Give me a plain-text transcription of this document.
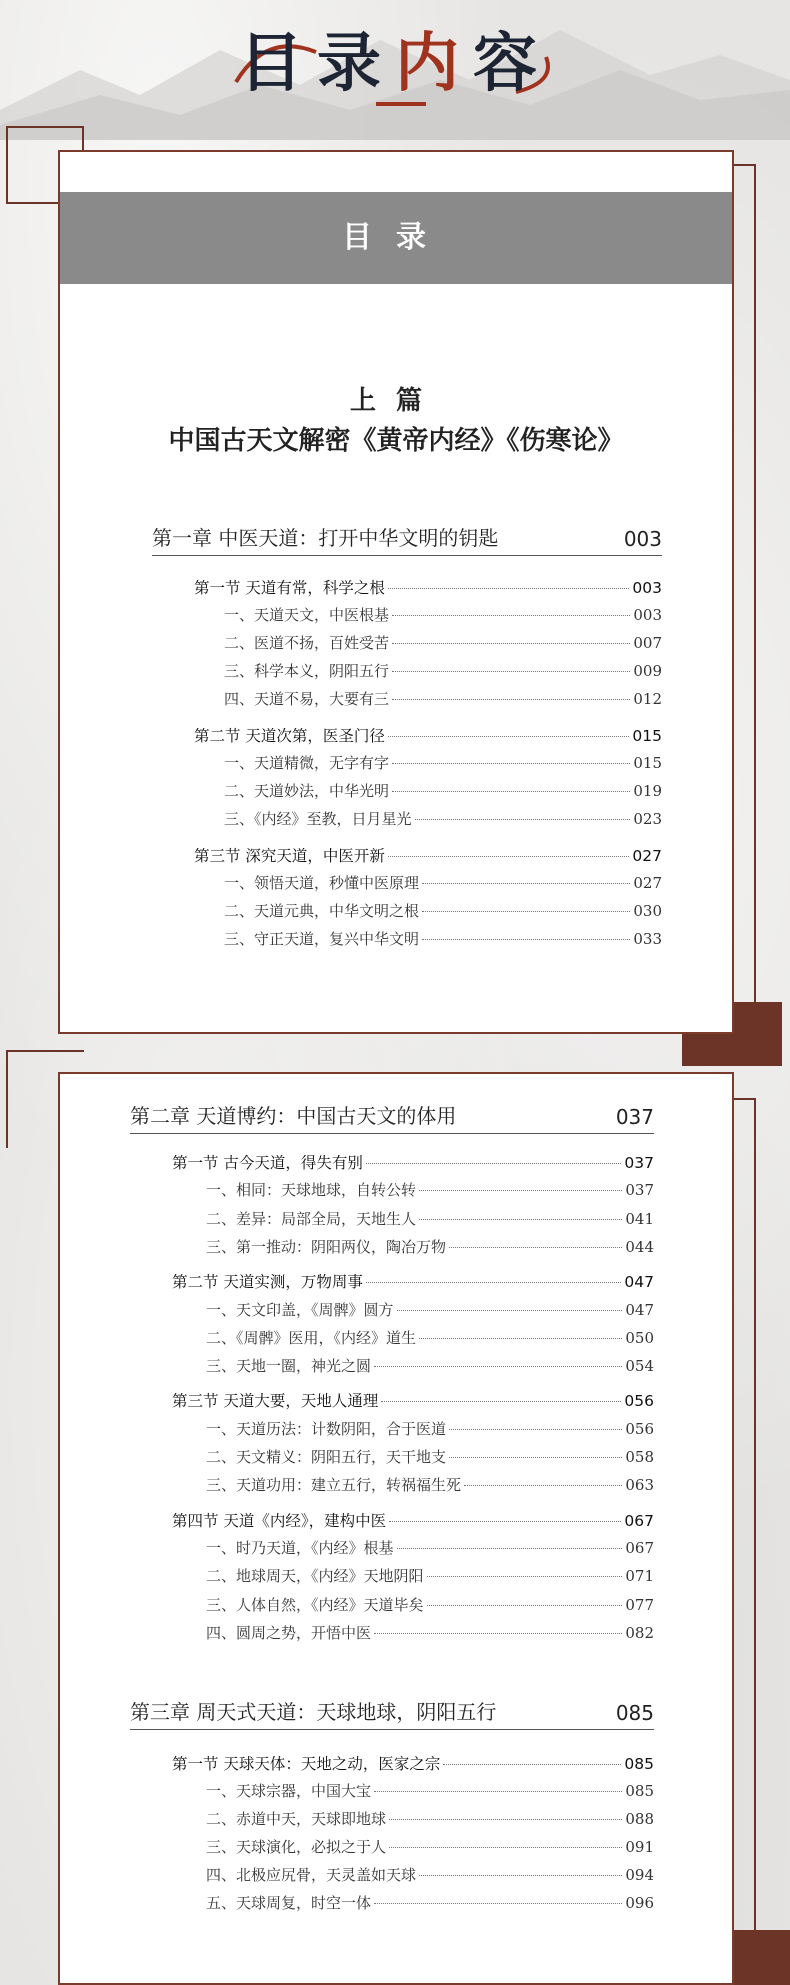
目录内容
目录
上篇
中国古天文解密《黄帝内经》《伤寒论》
第一章 中医天道：打开中华文明的钥匙	003
第一节 天道有常，科学之根	003
一、天道天文，中医根基	003
二、医道不扬，百姓受苦	007
三、科学本义，阴阳五行	009
四、天道不易，大要有三	012
第二节 天道次第，医圣门径	015
一、天道精微，无字有字	015
二、天道妙法，中华光明	019
三、《内经》至教，日月星光	023
第三节 深究天道，中医开新	027
一、领悟天道，秒懂中医原理	027
二、天道元典，中华文明之根	030
三、守正天道，复兴中华文明	033
第二章 天道博约：中国古天文的体用	037
第一节 古今天道，得失有别	037
一、相同：天球地球，自转公转	037
二、差异：局部全局，天地生人	041
三、第一推动：阴阳两仪，陶冶万物	044
第二节 天道实测，万物周事	047
一、天文印盖，《周髀》圆方	047
二、《周髀》医用，《内经》道生	050
三、天地一圈，神光之圆	054
第三节 天道大要，天地人通理	056
一、天道历法：计数阴阳，合于医道	056
二、天文精义：阴阳五行，天干地支	058
三、天道功用：建立五行，转祸福生死	063
第四节 天道《内经》，建构中医	067
一、时乃天道，《内经》根基	067
二、地球周天，《内经》天地阴阳	071
三、人体自然，《内经》天道毕矣	077
四、圆周之势，开悟中医	082
第三章 周天式天道：天球地球，阴阳五行	085
第一节 天球天体：天地之动，医家之宗	085
一、天球宗器，中国大宝	085
二、赤道中天，天球即地球	088
三、天球演化，必拟之于人	091
四、北极应尻骨，天灵盖如天球	094
五、天球周复，时空一体	096
